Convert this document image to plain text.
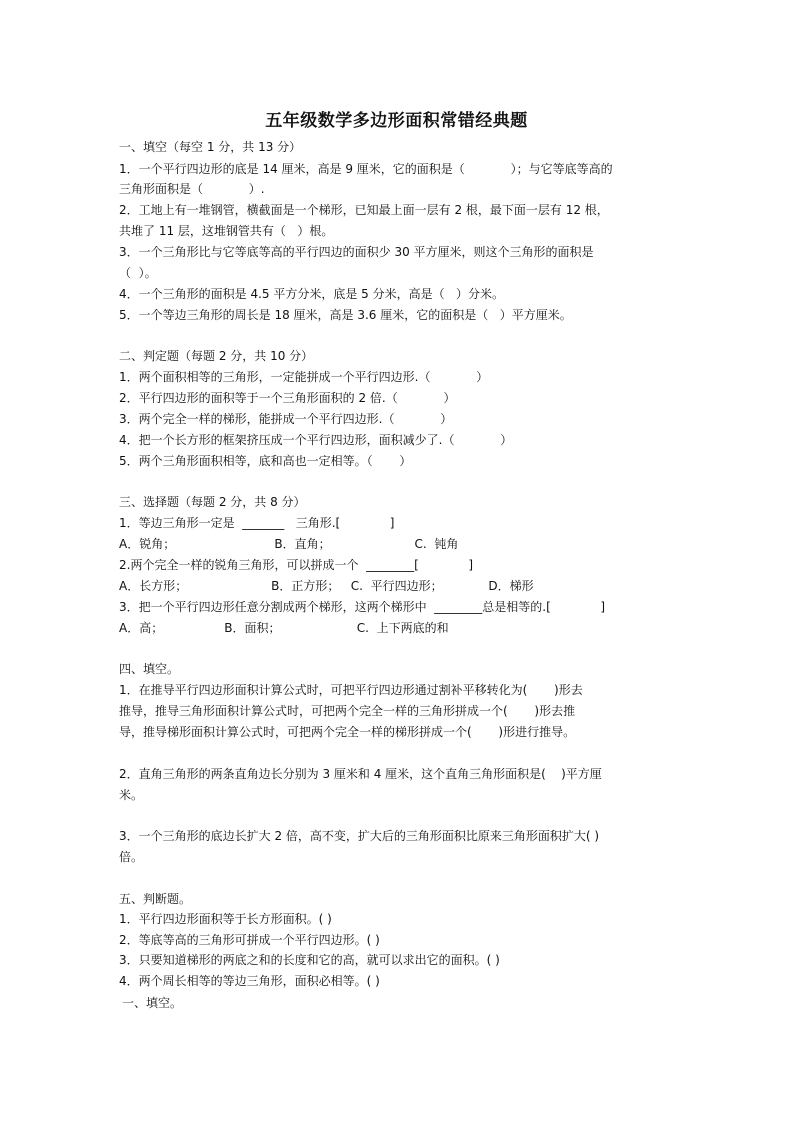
五年级数学多边形面积常错经典题
一、填空（每空 1 分，共 13 分）
1．一个平行四边形的底是 14 厘米，高是 9 厘米，它的面积是（            ）；与它等底等高的
三角形面积是（            ）.
2．工地上有一堆钢管，横截面是一个梯形，已知最上面一层有 2 根，最下面一层有 12 根，
共堆了 11 层，这堆钢管共有（   ）根。
3．一个三角形比与它等底等高的平行四边的面积少 30 平方厘米，则这个三角形的面积是
（  ）。
4．一个三角形的面积是 4.5 平方分米，底是 5 分米，高是（   ）分米。
5．一个等边三角形的周长是 18 厘米，高是 3.6 厘米，它的面积是（   ）平方厘米。
二、判定题（每题 2 分，共 10 分）
1．两个面积相等的三角形，一定能拼成一个平行四边形.（            ）
2．平行四边形的面积等于一个三角形面积的 2 倍.（            ）
3．两个完全一样的梯形，能拼成一个平行四边形.（            ）
4．把一个长方形的框架挤压成一个平行四边形，面积减少了.（            ）
5．两个三角形面积相等，底和高也一定相等。（       ）
三、选择题（每题 2 分，共 8 分）
1．等边三角形一定是  _______   三角形.[             ]
A．锐角；                          B．直角；                      C.  钝角
2.两个完全一样的锐角三角形，可以拼成一个  ________[             ]
A．长方形；                      B．正方形；   C.  平行四边形；            D．梯形
3．把一个平行四边形任意分割成两个梯形，这两个梯形中  ________总是相等的.[             ]
A．高；                B．面积；                    C.  上下两底的和
四、填空。
1．在推导平行四边形面积计算公式时，可把平行四边形通过割补平移转化为(       )形去
推导，推导三角形面积计算公式时，可把两个完全一样的三角形拼成一个(       )形去推
导，推导梯形面积计算公式时，可把两个完全一样的梯形拼成一个(       )形进行推导。
2．直角三角形的两条直角边长分别为 3 厘米和 4 厘米，这个直角三角形面积是(    )平方厘
米。
3．一个三角形的底边长扩大 2 倍，高不变，扩大后的三角形面积比原来三角形面积扩大( )
倍。
五、判断题。
1．平行四边形面积等于长方形面积。( )
2．等底等高的三角形可拼成一个平行四边形。( )
3．只要知道梯形的两底之和的长度和它的高，就可以求出它的面积。( )
4．两个周长相等的等边三角形，面积必相等。( )
一、填空。
